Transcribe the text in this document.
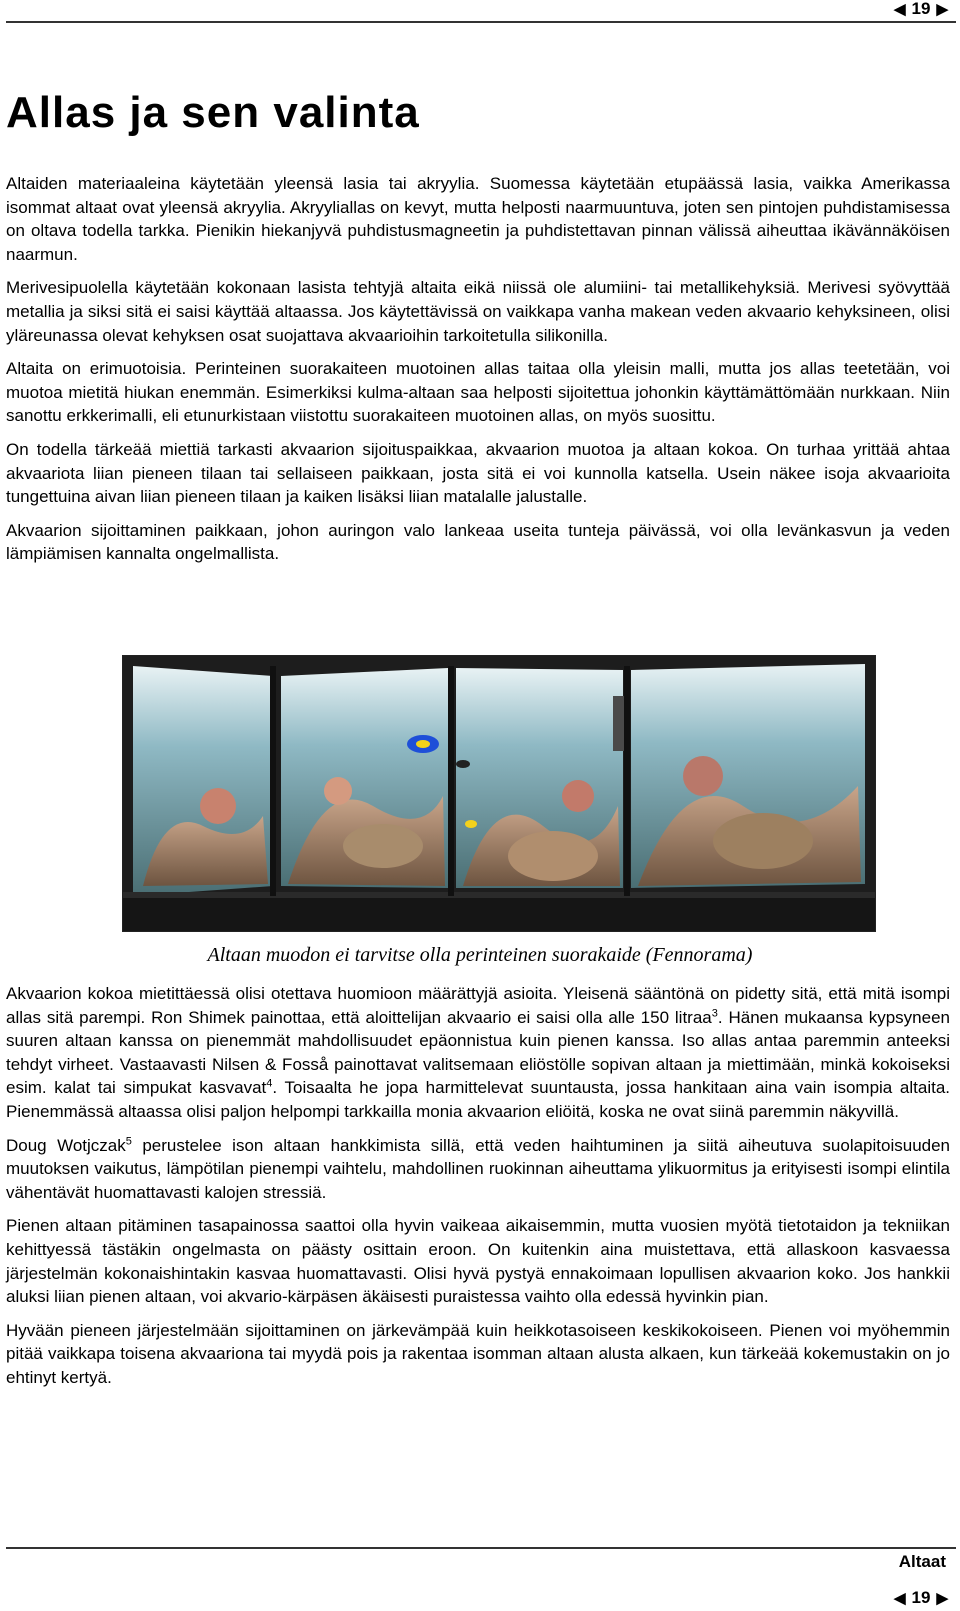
◀ 19 ▶
Allas ja sen valinta

Altaiden materiaaleina käytetään yleensä lasia tai akryylia. Suomessa käytetään etupäässä lasia, vaikka Amerikassa isommat altaat ovat yleensä akryylia. Akryyliallas on kevyt, mutta helposti naarmuuntuva, joten sen pintojen puhdistamisessa on oltava todella tarkka. Pienikin hiekanjyvä puhdistusmagneetin ja puhdistettavan pinnan välissä aiheuttaa ikävännäköisen naarmun.

Merivesipuolella käytetään kokonaan lasista tehtyjä altaita eikä niissä ole alumiini- tai metallikehyksiä. Merivesi syövyttää metallia ja siksi sitä ei saisi käyttää altaassa. Jos käytettävissä on vaikkapa vanha makean veden akvaario kehyksineen, olisi yläreunassa olevat kehyksen osat suojattava akvaarioihin tarkoitetulla silikonilla.

Altaita on erimuotoisia. Perinteinen suorakaiteen muotoinen allas taitaa olla yleisin malli, mutta jos allas teetetään, voi muotoa mietitä hiukan enemmän. Esimerkiksi kulma-altaan saa helposti sijoitettua johonkin käyttämättömään nurkkaan. Niin sanottu erkkerimalli, eli etunurkistaan viistottu suorakaiteen muotoinen allas, on myös suosittu.

On todella tärkeää miettiä tarkasti akvaarion sijoituspaikkaa, akvaarion muotoa ja altaan kokoa. On turhaa yrittää ahtaa akvaariota liian pieneen tilaan tai sellaiseen paikkaan, josta sitä ei voi kunnolla katsella. Usein näkee isoja akvaarioita tungettuina aivan liian pieneen tilaan ja kaiken lisäksi liian matalalle jalustalle.

Akvaarion sijoittaminen paikkaan, johon auringon valo lankeaa useita tunteja päivässä, voi olla levänkasvun ja veden lämpiämisen kannalta ongelmallista.

Altaan muodon ei tarvitse olla perinteinen suorakaide (Fennorama)

Akvaarion kokoa mietittäessä olisi otettava huomioon määrättyjä asioita. Yleisenä sääntönä on pidetty sitä, että mitä isompi allas sitä parempi. Ron Shimek painottaa, että aloittelijan akvaario ei saisi olla alle 150 litraa$^3$. Hänen mukaansa kypsyneen suuren altaan kanssa on pienemmät mahdollisuudet epäonnistua kuin pienen kanssa. Iso allas antaa paremmin anteeksi tehdyt virheet. Vastaavasti Nilsen & Fosså painottavat valitsemaan eliöstölle sopivan altaan ja miettimään, minkä kokoiseksi esim. kalat tai simpukat kasvavat$^4$. Toisaalta he jopa harmittelevat suuntausta, jossa hankitaan aina vain isompia altaita. Pienemmässä altaassa olisi paljon helpompi tarkkailla monia akvaarion eliöitä, koska ne ovat siinä paremmin näkyvillä.

Doug Wotjczak$^5$ perustelee ison altaan hankkimista sillä, että veden haihtuminen ja siitä aiheutuva suolapitoisuuden muutoksen vaikutus, lämpötilan pienempi vaihtelu, mahdollinen ruokinnan aiheuttama ylikuormitus ja erityisesti isompi elintila vähentävät huomattavasti kalojen stressiä.

Pienen altaan pitäminen tasapainossa saattoi olla hyvin vaikeaa aikaisemmin, mutta vuosien myötä tietotaidon ja tekniikan kehittyessä tästäkin ongelmasta on päästy osittain eroon. On kuitenkin aina muistettava, että allaskoon kasvaessa järjestelmän kokonaishintakin kasvaa huomattavasti. Olisi hyvä pystyä ennakoimaan lopullisen akvaarion koko. Jos hankkii aluksi liian pienen altaan, voi akvario-kärpäsen äkäisesti puraistessa vaihto olla edessä hyvinkin pian.

Hyvään pieneen järjestelmään sijoittaminen on järkevämpää kuin heikkotasoiseen keskikokoiseen. Pienen voi myöhemmin pitää vaikkapa toisena akvaariona tai myydä pois ja rakentaa isomman altaan alusta alkaen, kun tärkeää kokemustakin on jo ehtinyt kertyä.

Altaat
◀ 19 ▶
